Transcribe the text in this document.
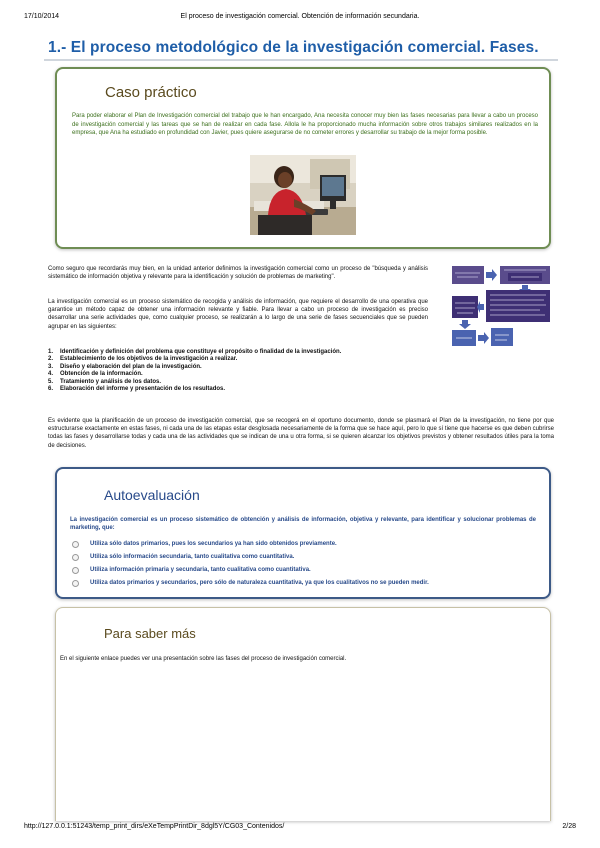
17/10/2014	El proceso de investigación comercial. Obtención de información secundaria.
1.- El proceso metodológico de la investigación comercial. Fases.
Caso práctico

Para poder elaborar el Plan de Investigación comercial del trabajo que le han encargado, Ana necesita conocer muy bien las fases necesarias para llevar a cabo un proceso de investigación comercial y las tareas que se han de realizar en cada fase. Allola le ha proporcionado mucha información sobre otros trabajos similares realizados en la empresa, que Ana ha estudiado en profundidad con Javier, pues quiere asegurarse de no cometer errores y desarrollar su trabajo de la mejor forma posible.

Como seguro que recordarás muy bien, en la unidad anterior definimos la investigación comercial como un proceso de "búsqueda y análisis sistemático de información objetiva y relevante para la identificación y solución de problemas de marketing".

La investigación comercial es un proceso sistemático de recogida y análisis de información, que requiere el desarrollo de una operativa que garantice un método capaz de obtener una información relevante y fiable. Para llevar a cabo un proceso de investigación es preciso desarrollar una serie actividades que, como cualquier proceso, se realizarán a lo largo de una serie de fases secuenciales que se pueden agrupar en las siguientes:

1. Identificación y definición del problema que constituye el propósito o finalidad de la investigación.
2. Establecimiento de los objetivos de la investigación a realizar.
3. Diseño y elaboración del plan de la investigación.
4. Obtención de la información.
5. Tratamiento y análisis de los datos.
6. Elaboración del informe y presentación de los resultados.

Es evidente que la planificación de un proceso de investigación comercial, que se recogerá en el oportuno documento, donde se plasmará el Plan de la investigación, no tiene por que estructurarse exactamente en estas fases, ni cada una de las etapas estar desglosada necesariamente de la forma que se hace aquí, pero lo que sí tiene que hacerse es que deben cubrirse todas las fases y desarrollarse todas y cada una de las actividades que se indican de una u otra forma, si se quieren alcanzar los objetivos previstos y obtener resultados útiles para la toma de decisiones.

Autoevaluación

La investigación comercial es un proceso sistemático de obtención y análisis de información, objetiva y relevante, para identificar y solucionar problemas de marketing, que:

Utiliza sólo datos primarios, pues los secundarios ya han sido obtenidos previamente.
Utiliza sólo información secundaria, tanto cualitativa como cuantitativa.
Utiliza información primaria y secundaria, tanto cualitativa como cuantitativa.
Utiliza datos primarios y secundarios, pero sólo de naturaleza cuantitativa, ya que los cualitativos no se pueden medir.
Para saber más

En el siguiente enlace puedes ver una presentación sobre las fases del proceso de investigación comercial.

http://127.0.0.1:51243/temp_print_dirs/eXeTempPrintDir_8dgl5Y/CG03_Contenidos/	2/28
